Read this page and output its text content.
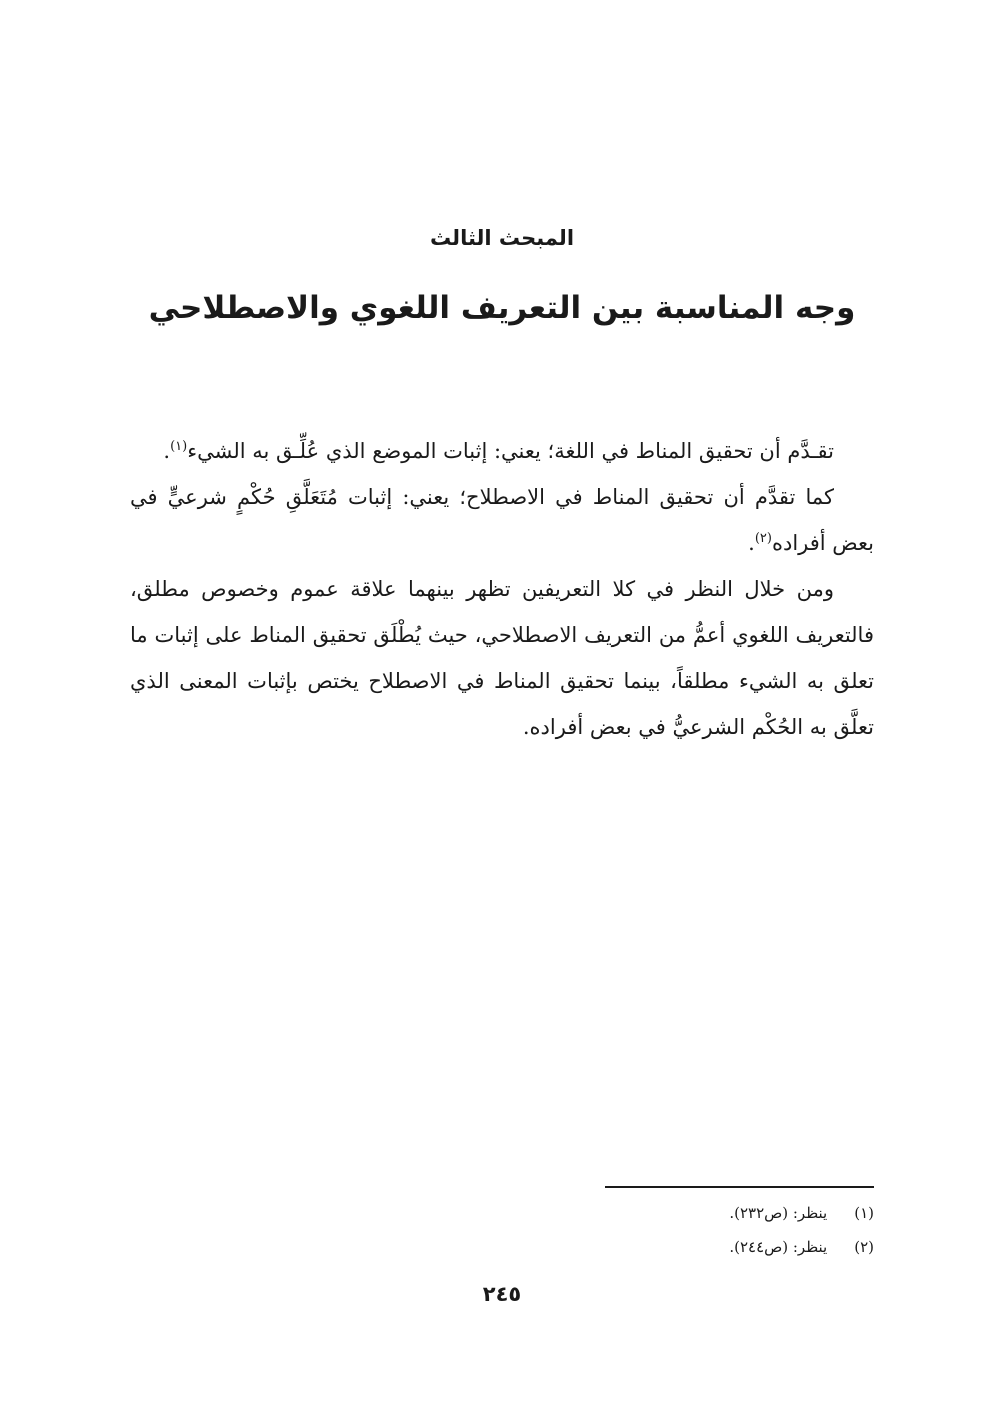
المبحث الثالث
وجه المناسبة بين التعريف اللغوي والاصطلاحي

تقـدَّم أن تحقيق المناط في اللغة؛ يعني: إثبات الموضع الذي عُلِّـق به الشيء$^{(١)}$.

كما تقدَّم أن تحقيق المناط في الاصطلاح؛ يعني: إثبات مُتَعَلَّقِ حُكْمٍ شرعيٍّ في بعض أفراده$^{(٢)}$.

ومن خلال النظر في كلا التعريفين تظهر بينهما علاقة عموم وخصوص مطلق، فالتعريف اللغوي أعمُّ من التعريف الاصطلاحي، حيث يُطْلَق تحقيق المناط على إثبات ما تعلق به الشيء مطلقاً، بينما تحقيق المناط في الاصطلاح يختص بإثبات المعنى الذي تعلَّق به الحُكْم الشرعيُّ في بعض أفراده.

(١) ينظر: (ص٢٣٢).
(٢) ينظر: (ص٢٤٤).
٢٤٥
